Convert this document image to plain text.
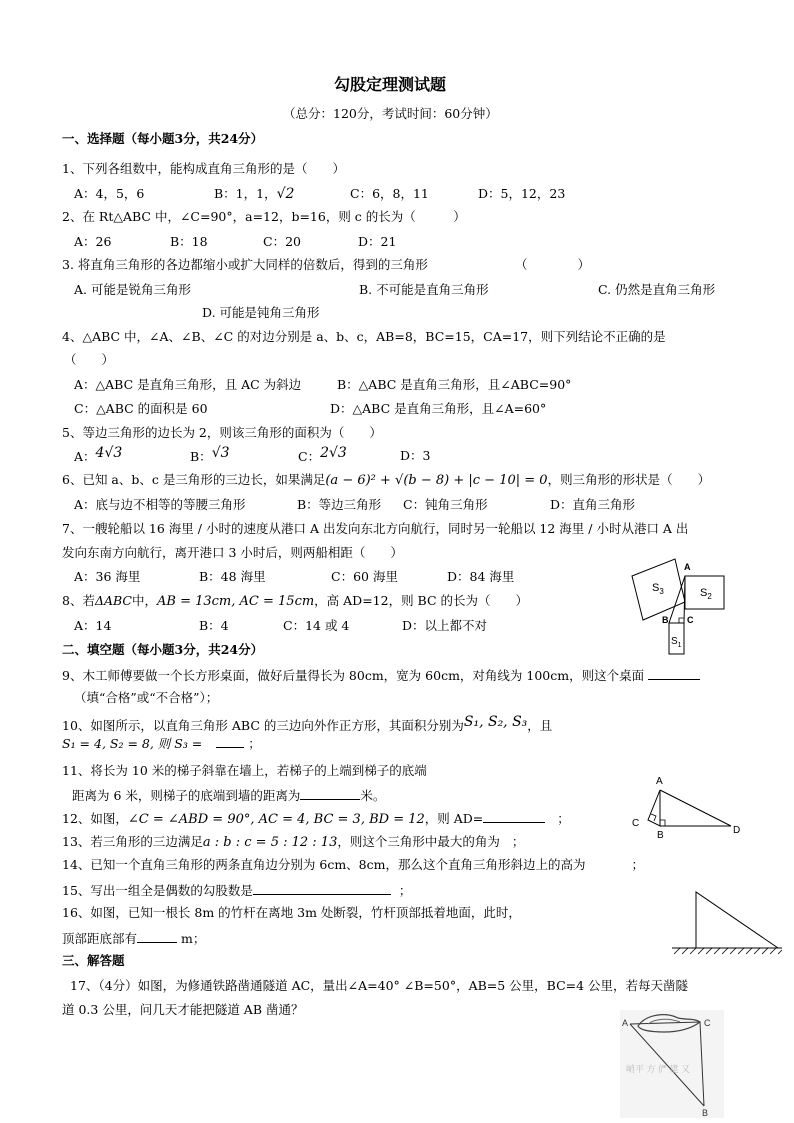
勾股定理测试题
（总分：120分，考试时间：60分钟）
一、选择题（每小题3分，共24分）
1、下列各组数中，能构成直角三角形的是（　　）
A：4，5，6	B：1，1，√2	C：6，8，11	D：5，12，23
2、在 Rt△ABC 中，∠C=90°，a=12，b=16，则 c 的长为（　　　）
A：26	B：18	C：20	D：21
3. 将直角三角形的各边都缩小或扩大同样的倍数后，得到的三角形	（　　　　）
A. 可能是锐角三角形	B. 不可能是直角三角形	C. 仍然是直角三角形
D. 可能是钝角三角形
4、△ABC 中，∠A、∠B、∠C 的对边分别是 a、b、c，AB=8，BC=15，CA=17，则下列结论不正确的是
（　　）
A：△ABC 是直角三角形，且 AC 为斜边	B：△ABC 是直角三角形，且∠ABC=90°
C：△ABC 的面积是 60	D：△ABC 是直角三角形，且∠A=60°
5、等边三角形的边长为 2，则该三角形的面积为（　　）
A：4√3	B：√3	C：2√3	D：3
6、已知 a、b、c 是三角形的三边长，如果满足(a − 6)² + √(b − 8) + |c − 10| = 0，则三角形的形状是（　　）
A：底与边不相等的等腰三角形	B：等边三角形 C：钝角三角形	D：直角三角形
7、一艘轮船以 16 海里 / 小时的速度从港口 A 出发向东北方向航行，同时另一轮船以 12 海里 / 小时从港口 A 出
发向东南方向航行，离开港口 3 小时后，则两船相距（　　）
A：36 海里	B：48 海里	C：60 海里	D：84 海里
8、若ΔABC中，AB = 13cm, AC = 15cm，高 AD=12，则 BC 的长为（　　）
A：14	B：4	C：14 或 4	D：以上都不对
二、填空题（每小题3分，共24分）
9、木工师傅要做一个长方形桌面，做好后量得长为 80cm，宽为 60cm，对角线为 100cm，则这个桌面
（填“合格”或“不合格”）；
10、如图所示，以直角三角形 ABC 的三边向外作正方形，其面积分别为S₁, S₂, S₃，且
S₁ = 4, S₂ = 8, 则 S₃ =	；
11、将长为 10 米的梯子斜靠在墙上，若梯子的上端到梯子的底端
距离为 6 米，则梯子的底端到墙的距离为	米。
12、如图，∠C = ∠ABD = 90°, AC = 4, BC = 3, BD = 12，则 AD=	；
13、若三角形的三边满足a : b : c = 5 : 12 : 13，则这个三角形中最大的角为 ；
14、已知一个直角三角形的两条直角边分别为 6cm、8cm，那么这个直角三角形斜边上的高为	；
15、写出一组全是偶数的勾股数是	；
16、如图，已知一根长 8m 的竹杆在离地 3m 处断裂，竹杆顶部抵着地面，此时，
顶部距底部有	m；
三、解答题
17、（4分）如图，为修通铁路凿通隧道 AC，量出∠A=40° ∠B=50°，AB=5 公里，BC=4 公里，若每天凿隧
道 0.3 公里，问几天才能把隧道 AB 凿通？
$S_3$	$S_2$
$S_1$
A
B C
A
C
B	D
A	C
B
峭平 方 俨 建 又
